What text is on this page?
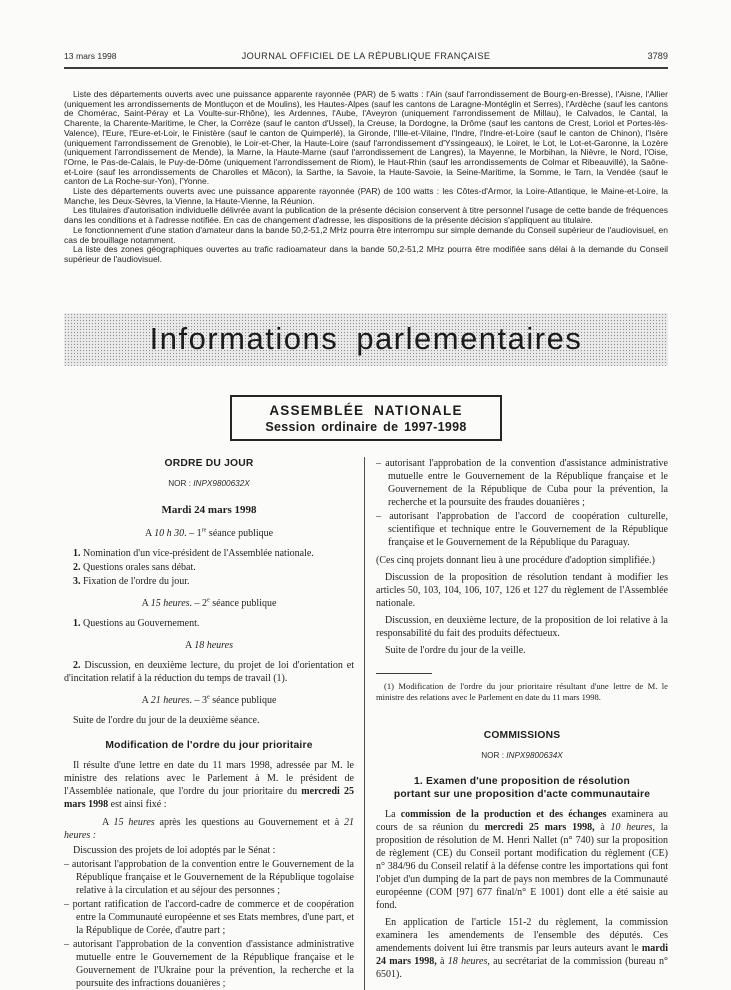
13 mars 1998	JOURNAL OFFICIEL DE LA RÉPUBLIQUE FRANÇAISE	3789
Liste des départements ouverts avec une puissance apparente rayonnée (PAR) de 5 watts : l'Ain (sauf l'arrondissement de Bourg-en-Bresse), l'Aisne, l'Allier (uniquement les arrondissements de Montluçon et de Moulins), les Hautes-Alpes (sauf les cantons de Laragne-Montéglin et Serres), l'Ardèche (sauf les cantons de Chomérac, Saint-Péray et La Voulte-sur-Rhône), les Ardennes, l'Aube, l'Aveyron (uniquement l'arrondissement de Millau), le Calvados, le Cantal, la Charente, la Charente-Maritime, le Cher, la Corrèze (sauf le canton d'Ussel), la Creuse, la Dordogne, la Drôme (sauf les cantons de Crest, Loriol et Portes-lès-Valence), l'Eure, l'Eure-et-Loir, le Finistère (sauf le canton de Quimperlé), la Gironde, l'Ille-et-Vilaine, l'Indre, l'Indre-et-Loire (sauf le canton de Chinon), l'Isère (uniquement l'arrondissement de Grenoble), le Loir-et-Cher, la Haute-Loire (sauf l'arrondissement d'Yssingeaux), le Loiret, le Lot, le Lot-et-Garonne, la Lozère (uniquement l'arrondissement de Mende), la Marne, la Haute-Marne (sauf l'arrondissement de Langres), la Mayenne, le Morbihan, la Nièvre, le Nord, l'Oise, l'Orne, le Pas-de-Calais, le Puy-de-Dôme (uniquement l'arrondissement de Riom), le Haut-Rhin (sauf les arrondissements de Colmar et Ribeauvillé), la Saône-et-Loire (sauf les arrondissements de Charolles et Mâcon), la Sarthe, la Savoie, la Haute-Savoie, la Seine-Maritime, la Somme, le Tarn, la Vendée (sauf le canton de La Roche-sur-Yon), l'Yonne.
Liste des départements ouverts avec une puissance apparente rayonnée (PAR) de 100 watts : les Côtes-d'Armor, la Loire-Atlantique, le Maine-et-Loire, la Manche, les Deux-Sèvres, la Vienne, la Haute-Vienne, la Réunion.
Les titulaires d'autorisation individuelle délivrée avant la publication de la présente décision conservent à titre personnel l'usage de cette bande de fréquences dans les conditions et à l'adresse notifiée. En cas de changement d'adresse, les dispositions de la présente décision s'appliquent au titulaire.
Le fonctionnement d'une station d'amateur dans la bande 50,2-51,2 MHz pourra être interrompu sur simple demande du Conseil supérieur de l'audiovisuel, en cas de brouillage notamment.
La liste des zones géographiques ouvertes au trafic radioamateur dans la bande 50,2-51,2 MHz pourra être modifiée sans délai à la demande du Conseil supérieur de l'audiovisuel.
Informations parlementaires
ASSEMBLÉE NATIONALE
Session ordinaire de 1997-1998
ORDRE DU JOUR
NOR : INPX9800632X
Mardi 24 mars 1998
A 10 h 30. – 1re séance publique
1. Nomination d'un vice-président de l'Assemblée nationale.
2. Questions orales sans débat.
3. Fixation de l'ordre du jour.
A 15 heures. – 2e séance publique
1. Questions au Gouvernement.
A 18 heures
2. Discussion, en deuxième lecture, du projet de loi d'orientation et d'incitation relatif à la réduction du temps de travail (1).
A 21 heures. – 3e séance publique
Suite de l'ordre du jour de la deuxième séance.
Modification de l'ordre du jour prioritaire
Il résulte d'une lettre en date du 11 mars 1998, adressée par M. le ministre des relations avec le Parlement à M. le président de l'Assemblée nationale, que l'ordre du jour prioritaire du mercredi 25 mars 1998 est ainsi fixé :
A 15 heures après les questions au Gouvernement et à 21 heures :
Discussion des projets de loi adoptés par le Sénat :
– autorisant l'approbation de la convention entre le Gouvernement de la République française et le Gouvernement de la République togolaise relative à la circulation et au séjour des personnes ;
– portant ratification de l'accord-cadre de commerce et de coopération entre la Communauté européenne et ses Etats membres, d'une part, et la République de Corée, d'autre part ;
– autorisant l'approbation de la convention d'assistance administrative mutuelle entre le Gouvernement de la République française et le Gouvernement de l'Ukraine pour la prévention, la recherche et la poursuite des infractions douanières ;
– autorisant l'approbation de la convention d'assistance administrative mutuelle entre le Gouvernement de la République française et le Gouvernement de la République de Cuba pour la prévention, la recherche et la poursuite des fraudes douanières ;
– autorisant l'approbation de l'accord de coopération culturelle, scientifique et technique entre le Gouvernement de la République française et le Gouvernement de la République du Paraguay.
(Ces cinq projets donnant lieu à une procédure d'adoption simplifiée.)
Discussion de la proposition de résolution tendant à modifier les articles 50, 103, 104, 106, 107, 126 et 127 du règlement de l'Assemblée nationale.
Discussion, en deuxième lecture, de la proposition de loi relative à la responsabilité du fait des produits défectueux.
Suite de l'ordre du jour de la veille.
(1) Modification de l'ordre du jour prioritaire résultant d'une lettre de M. le ministre des relations avec le Parlement en date du 11 mars 1998.
COMMISSIONS
NOR : INPX9800634X
1. Examen d'une proposition de résolution
portant sur une proposition d'acte communautaire
La commission de la production et des échanges examinera au cours de sa réunion du mercredi 25 mars 1998, à 10 heures, la proposition de résolution de M. Henri Nallet (n° 740) sur la proposition de règlement (CE) du Conseil portant modification du règlement (CE) n° 384/96 du Conseil relatif à la défense contre les importations qui font l'objet d'un dumping de la part de pays non membres de la Communauté européenne (COM [97] 677 final/n° E 1001) dont elle a été saisie au fond.
En application de l'article 151-2 du règlement, la commission examinera les amendements de l'ensemble des députés. Ces amendements doivent lui être transmis par leurs auteurs avant le mardi 24 mars 1998, à 18 heures, au secrétariat de la commission (bureau n° 6501).
